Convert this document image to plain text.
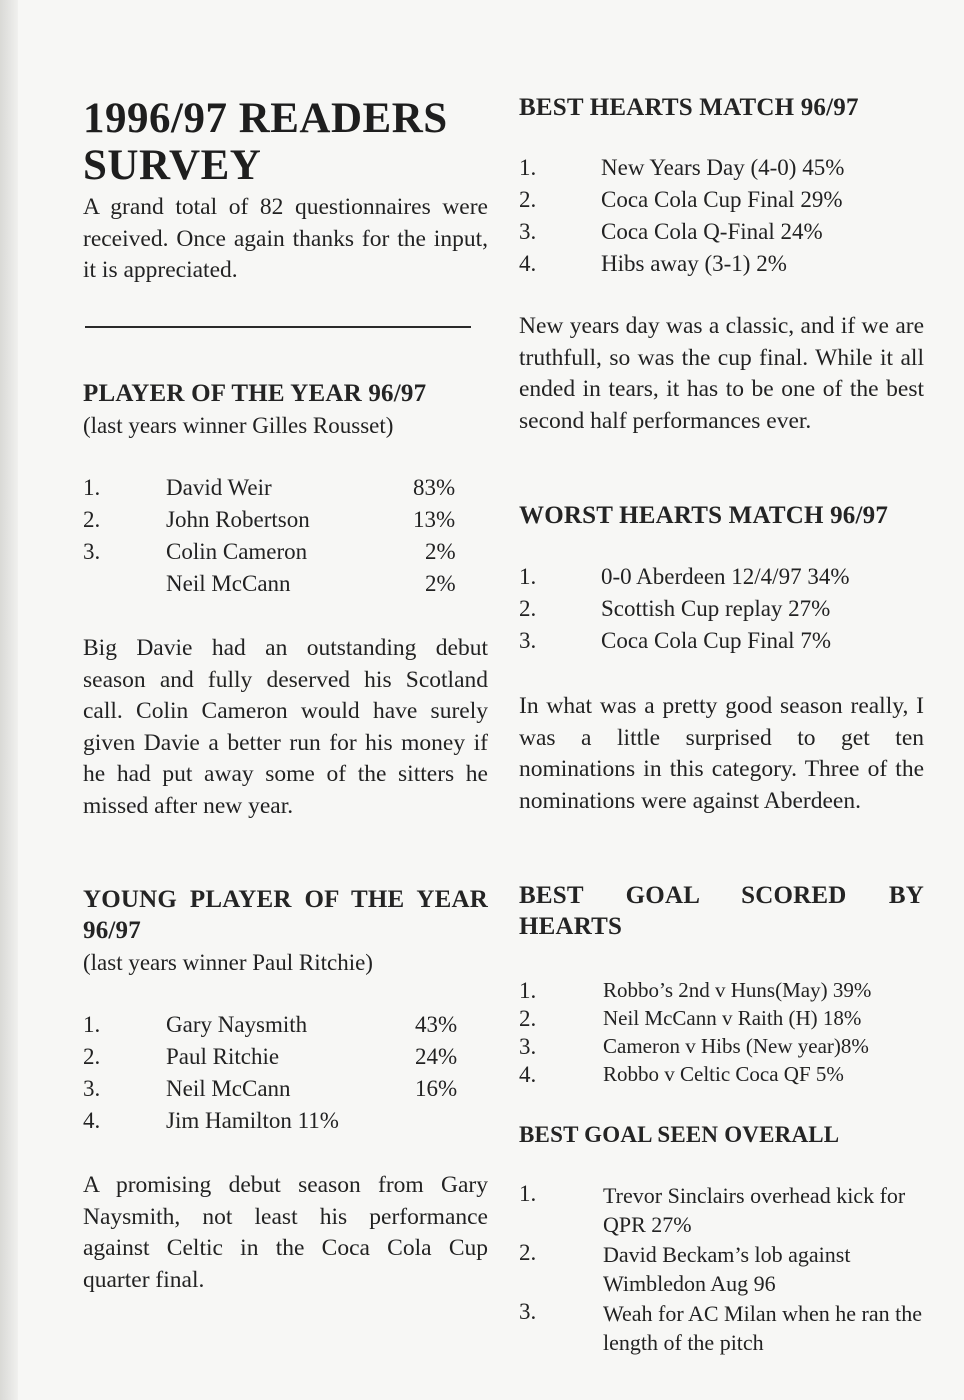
1996/97 READERS SURVEY

A grand total of 82 questionnaires were received. Once again thanks for the input, it is appreciated.

PLAYER OF THE YEAR 96/97
(last years winner Gilles Rousset)
1.	David Weir	83%
2.	John Robertson	13%
3.	Colin Cameron	2%
Neil McCann	2%

Big Davie had an outstanding debut season and fully deserved his Scotland call. Colin Cameron would have surely given Davie a better run for his money if he had put away some of the sitters he missed after new year.

YOUNG PLAYER OF THE YEAR 96/97
(last years winner Paul Ritchie)
1.	Gary Naysmith	43%
2.	Paul Ritchie	24%
3.	Neil McCann	16%
4.	Jim Hamilton 11%

A promising debut season from Gary Naysmith, not least his performance against Celtic in the Coca Cola Cup quarter final.

BEST HEARTS MATCH 96/97
1.	New Years Day (4-0) 45%
2.	Coca Cola Cup Final 29%
3.	Coca Cola Q-Final 24%
4.	Hibs away (3-1) 2%

New years day was a classic, and if we are truthfull, so was the cup final. While it all ended in tears, it has to be one of the best second half performances ever.

WORST HEARTS MATCH 96/97
1.	0-0 Aberdeen 12/4/97 34%
2.	Scottish Cup replay 27%
3.	Coca Cola Cup Final 7%

In what was a pretty good season really, I was a little surprised to get ten nominations in this category. Three of the nominations were against Aberdeen.

BEST GOAL SCORED BY HEARTS
1.	Robbo’s 2nd v Huns(May) 39%
2.	Neil McCann v Raith (H) 18%
3.	Cameron v Hibs (New year)8%
4.	Robbo v Celtic Coca QF 5%
BEST GOAL SEEN OVERALL
1.	Trevor Sinclairs overhead kick for QPR 27%
2.	David Beckam’s lob against Wimbledon Aug 96
3.	Weah for AC Milan when he ran the length of the pitch
